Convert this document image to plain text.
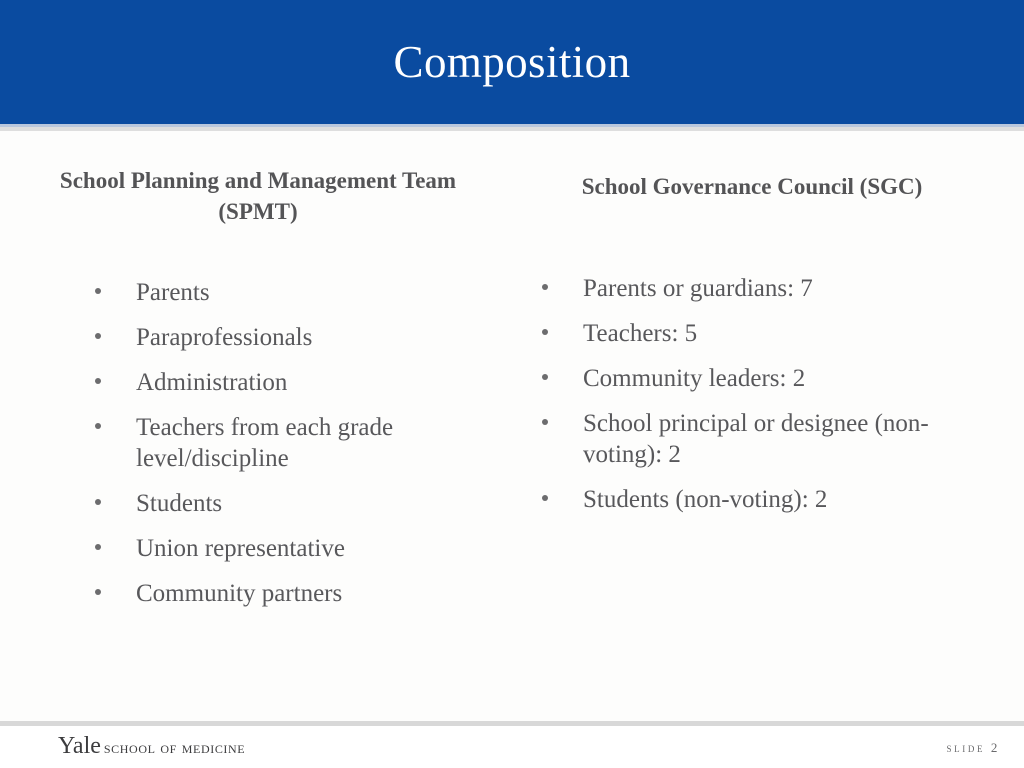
Composition
School Planning and Management Team (SPMT)
Parents
Paraprofessionals
Administration
Teachers from each grade level/discipline
Students
Union representative
Community partners
School Governance Council (SGC)
Parents or guardians: 7
Teachers: 5
Community leaders: 2
School principal or designee (non-voting): 2
Students (non-voting): 2
Yale school of medicine	slide 2
